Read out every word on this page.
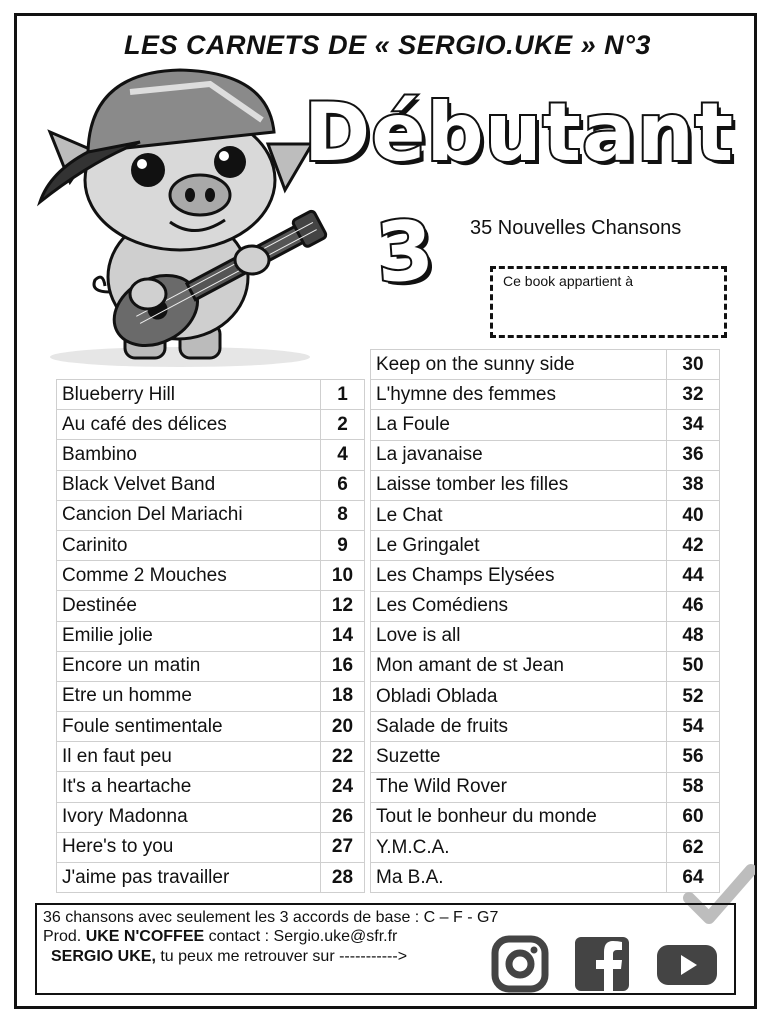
LES CARNETS DE « SERGIO.UKE » N°3
Débutant
3	35 Nouvelles Chansons
Ce book appartient à
Blueberry Hill	1
Au café des délices	2
Bambino	4
Black Velvet Band	6
Cancion Del Mariachi	8
Carinito	9
Comme 2 Mouches	10
Destinée	12
Emilie jolie	14
Encore un matin	16
Etre un homme	18
Foule sentimentale	20
Il en faut peu	22
It's a heartache	24
Ivory Madonna	26
Here's to you	27
J'aime pas travailler	28
Keep on the sunny side	30
L'hymne des femmes	32
La Foule	34
La javanaise	36
Laisse tomber les filles	38
Le Chat	40
Le Gringalet	42
Les Champs Elysées	44
Les Comédiens	46
Love is all	48
Mon amant de st Jean	50
Obladi Oblada	52
Salade de fruits	54
Suzette	56
The Wild Rover	58
Tout le bonheur du monde	60
Y.M.C.A.	62
Ma B.A.	64
36 chansons avec seulement les 3 accords de base : C – F - G7
Prod. UKE N'COFFEE contact : Sergio.uke@sfr.fr
SERGIO UKE, tu peux me retrouver sur ----------->
